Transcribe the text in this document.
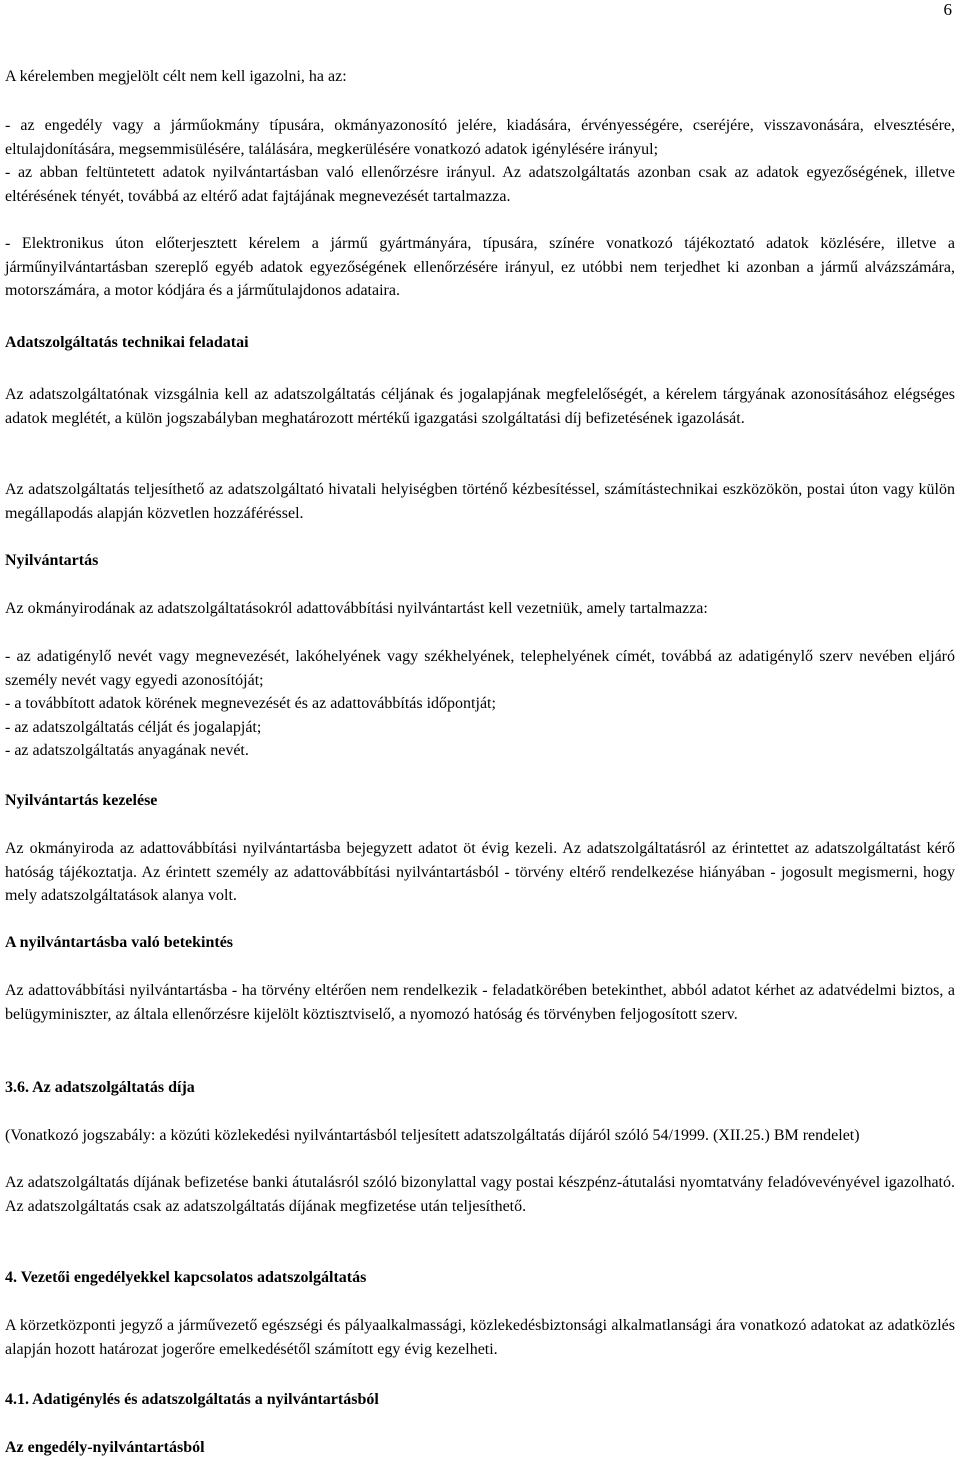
6

A kérelemben megjelölt célt nem kell igazolni, ha az:

- az engedély vagy a járműokmány típusára, okmányazonosító jelére, kiadására, érvényességére, cseréjére, visszavonására, elvesztésére, eltulajdonítására, megsemmisülésére, találására, megkerülésére vonatkozó adatok igénylésére irányul;

- az abban feltüntetett adatok nyilvántartásban való ellenőrzésre irányul. Az adatszolgáltatás azonban csak az adatok egyezőségének, illetve eltérésének tényét, továbbá az eltérő adat fajtájának megnevezését tartalmazza.

- Elektronikus úton előterjesztett kérelem a jármű gyártmányára, típusára, színére vonatkozó tájékoztató adatok közlésére, illetve a járműnyilvántartásban szereplő egyéb adatok egyezőségének ellenőrzésére irányul, ez utóbbi nem terjedhet ki azonban a jármű alvázszámára, motorszámára, a motor kódjára és a járműtulajdonos adataira.

Adatszolgáltatás technikai feladatai

Az adatszolgáltatónak vizsgálnia kell az adatszolgáltatás céljának és jogalapjának megfelelőségét, a kérelem tárgyának azonosításához elégséges adatok meglétét, a külön jogszabályban meghatározott mértékű igazgatási szolgáltatási díj befizetésének igazolását.

Az adatszolgáltatás teljesíthető az adatszolgáltató hivatali helyiségben történő kézbesítéssel, számítástechnikai eszközökön, postai úton vagy külön megállapodás alapján közvetlen hozzáféréssel.

Nyilvántartás

Az okmányirodának az adatszolgáltatásokról adattovábbítási nyilvántartást kell vezetniük, amely tartalmazza:

- az adatigénylő nevét vagy megnevezését, lakóhelyének vagy székhelyének, telephelyének címét, továbbá az adatigénylő szerv nevében eljáró személy nevét vagy egyedi azonosítóját;

- a továbbított adatok körének megnevezését és az adattovábbítás időpontját;

- az adatszolgáltatás célját és jogalapját;

- az adatszolgáltatás anyagának nevét.

Nyilvántartás kezelése

Az okmányiroda az adattovábbítási nyilvántartásba bejegyzett adatot öt évig kezeli. Az adatszolgáltatásról az érintettet az adatszolgáltatást kérő hatóság tájékoztatja. Az érintett személy az adattovábbítási nyilvántartásból - törvény eltérő rendelkezése hiányában - jogosult megismerni, hogy mely adatszolgáltatások alanya volt.

A nyilvántartásba való betekintés

Az adattovábbítási nyilvántartásba - ha törvény eltérően nem rendelkezik - feladatkörében betekinthet, abból adatot kérhet az adatvédelmi biztos, a belügyminiszter, az általa ellenőrzésre kijelölt köztisztviselő, a nyomozó hatóság és törvényben feljogosított szerv.

3.6. Az adatszolgáltatás díja

(Vonatkozó jogszabály: a közúti közlekedési nyilvántartásból teljesített adatszolgáltatás díjáról szóló 54/1999. (XII.25.) BM rendelet)

Az adatszolgáltatás díjának befizetése banki átutalásról szóló bizonylattal vagy postai készpénz-átutalási nyomtatvány feladóvevényével igazolható. Az adatszolgáltatás csak az adatszolgáltatás díjának megfizetése után teljesíthető.

4. Vezetői engedélyekkel kapcsolatos adatszolgáltatás

A körzetközponti jegyző a járművezető egészségi és pályaalkalmassági, közlekedésbiztonsági alkalmatlansági ára vonatkozó adatokat az adatközlés alapján hozott határozat jogerőre emelkedésétől számított egy évig kezelheti.

4.1. Adatigénylés és adatszolgáltatás a nyilvántartásból

Az engedély-nyilvántartásból
